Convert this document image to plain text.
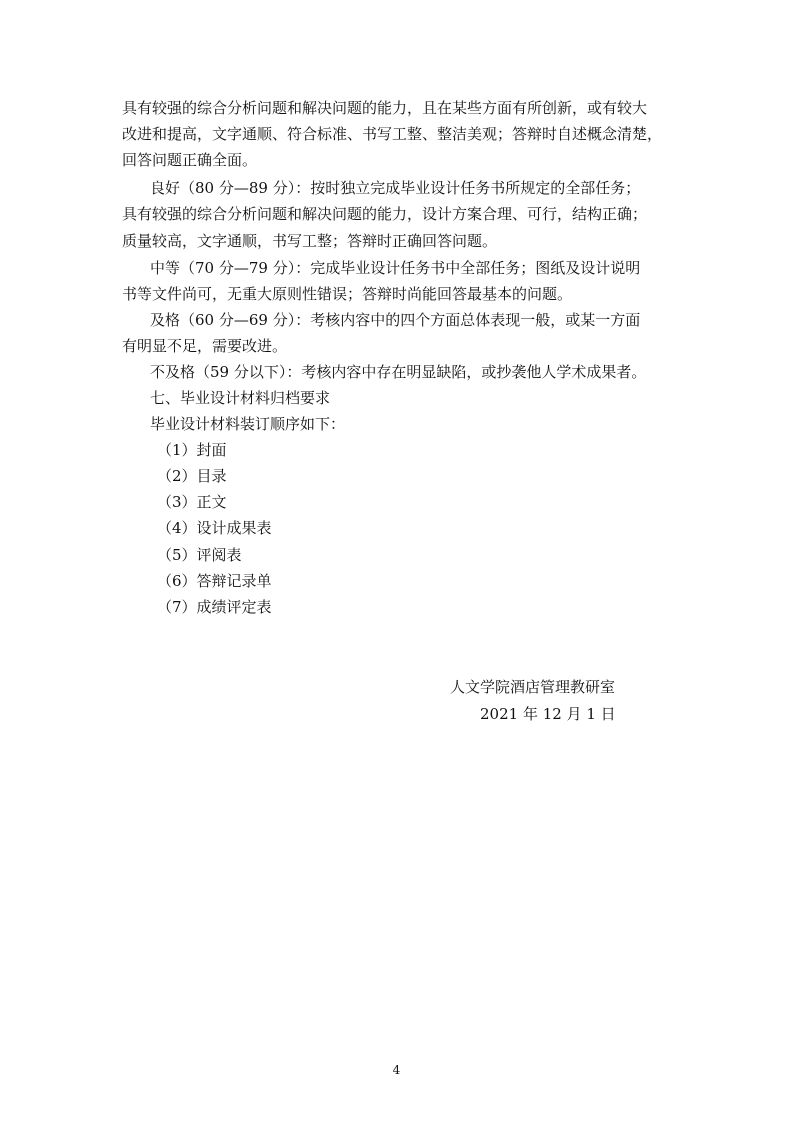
具有较强的综合分析问题和解决问题的能力，且在某些方面有所创新，或有较大
改进和提高，文字通顺、符合标准、书写工整、整洁美观；答辩时自述概念清楚，
回答问题正确全面。
良好（80 分—89 分）：按时独立完成毕业设计任务书所规定的全部任务；
具有较强的综合分析问题和解决问题的能力，设计方案合理、可行，结构正确；
质量较高，文字通顺，书写工整；答辩时正确回答问题。
中等（70 分—79 分）：完成毕业设计任务书中全部任务；图纸及设计说明
书等文件尚可，无重大原则性错误；答辩时尚能回答最基本的问题。
及格（60 分—69 分）：考核内容中的四个方面总体表现一般，或某一方面
有明显不足，需要改进。
不及格（59 分以下）：考核内容中存在明显缺陷，或抄袭他人学术成果者。
七、毕业设计材料归档要求
毕业设计材料装订顺序如下：
（1）封面
（2）目录
（3）正文
（4）设计成果表
（5）评阅表
（6）答辩记录单
（7）成绩评定表
人文学院酒店管理教研室
2021 年 12 月 1 日
4
